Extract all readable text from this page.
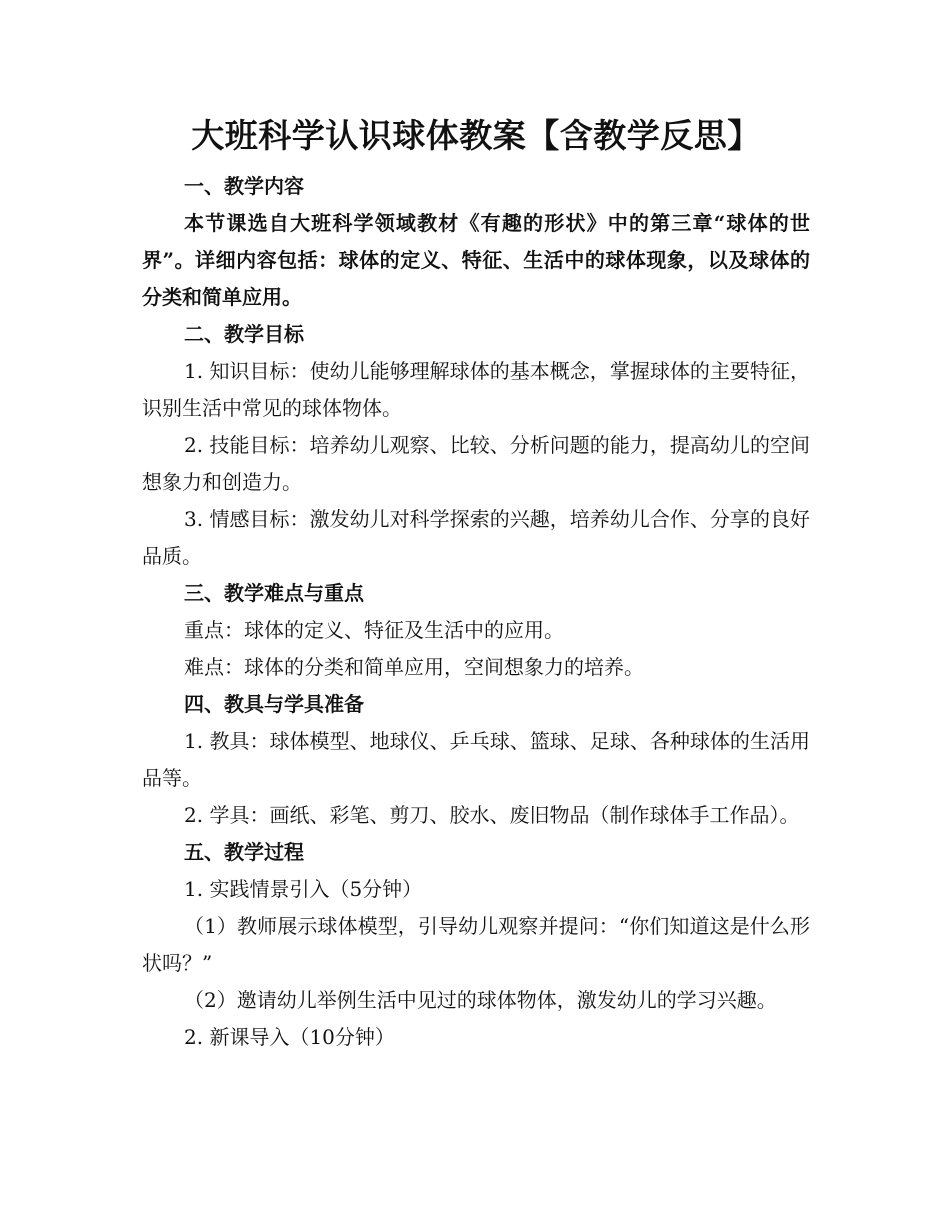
大班科学认识球体教案【含教学反思】

一、教学内容

本节课选自大班科学领域教材《有趣的形状》中的第三章“球体的世界”。详细内容包括：球体的定义、特征、生活中的球体现象，以及球体的分类和简单应用。

二、教学目标

1. 知识目标：使幼儿能够理解球体的基本概念，掌握球体的主要特征，识别生活中常见的球体物体。

2. 技能目标：培养幼儿观察、比较、分析问题的能力，提高幼儿的空间想象力和创造力。

3. 情感目标：激发幼儿对科学探索的兴趣，培养幼儿合作、分享的良好品质。

三、教学难点与重点

重点：球体的定义、特征及生活中的应用。

难点：球体的分类和简单应用，空间想象力的培养。

四、教具与学具准备

1. 教具：球体模型、地球仪、乒乓球、篮球、足球、各种球体的生活用品等。

2. 学具：画纸、彩笔、剪刀、胶水、废旧物品（制作球体手工作品）。

五、教学过程

1. 实践情景引入（5分钟）

（1）教师展示球体模型，引导幼儿观察并提问：“你们知道这是什么形状吗？”

（2）邀请幼儿举例生活中见过的球体物体，激发幼儿的学习兴趣。

2. 新课导入（10分钟）
